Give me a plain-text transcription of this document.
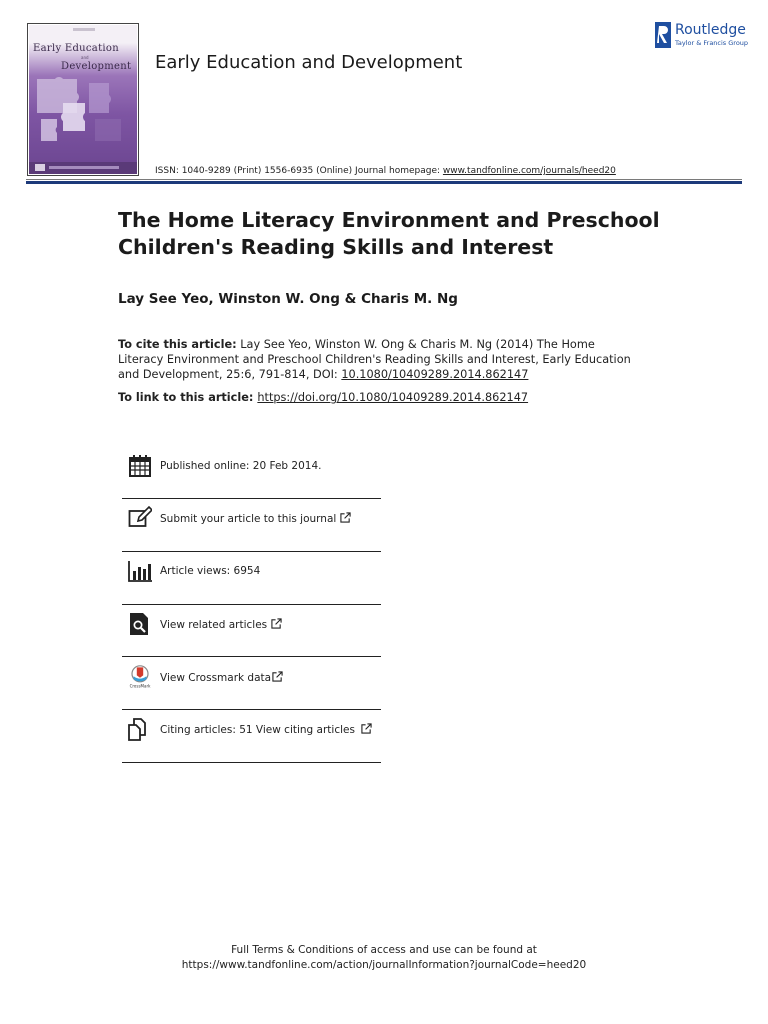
Early Education
and
Development Early Education and Development
ISSN: 1040-9289 (Print) 1556-6935 (Online) Journal homepage: www.tandfonline.com/journals/heed20
Routledge
Taylor & Francis Group
The Home Literacy Environment and Preschool Children's Reading Skills and Interest
Lay See Yeo, Winston W. Ong & Charis M. Ng
To cite this article: Lay See Yeo, Winston W. Ong & Charis M. Ng (2014) The Home Literacy Environment and Preschool Children's Reading Skills and Interest, Early Education and Development, 25:6, 791-814, DOI: 10.1080/10409289.2014.862147
To link to this article: https://doi.org/10.1080/10409289.2014.862147
Published online: 20 Feb 2014.
Submit your article to this journal
Article views: 6954
View related articles
CrossMark
View Crossmark data
Citing articles: 51 View citing articles
Full Terms & Conditions of access and use can be found at
https://www.tandfonline.com/action/journalInformation?journalCode=heed20
